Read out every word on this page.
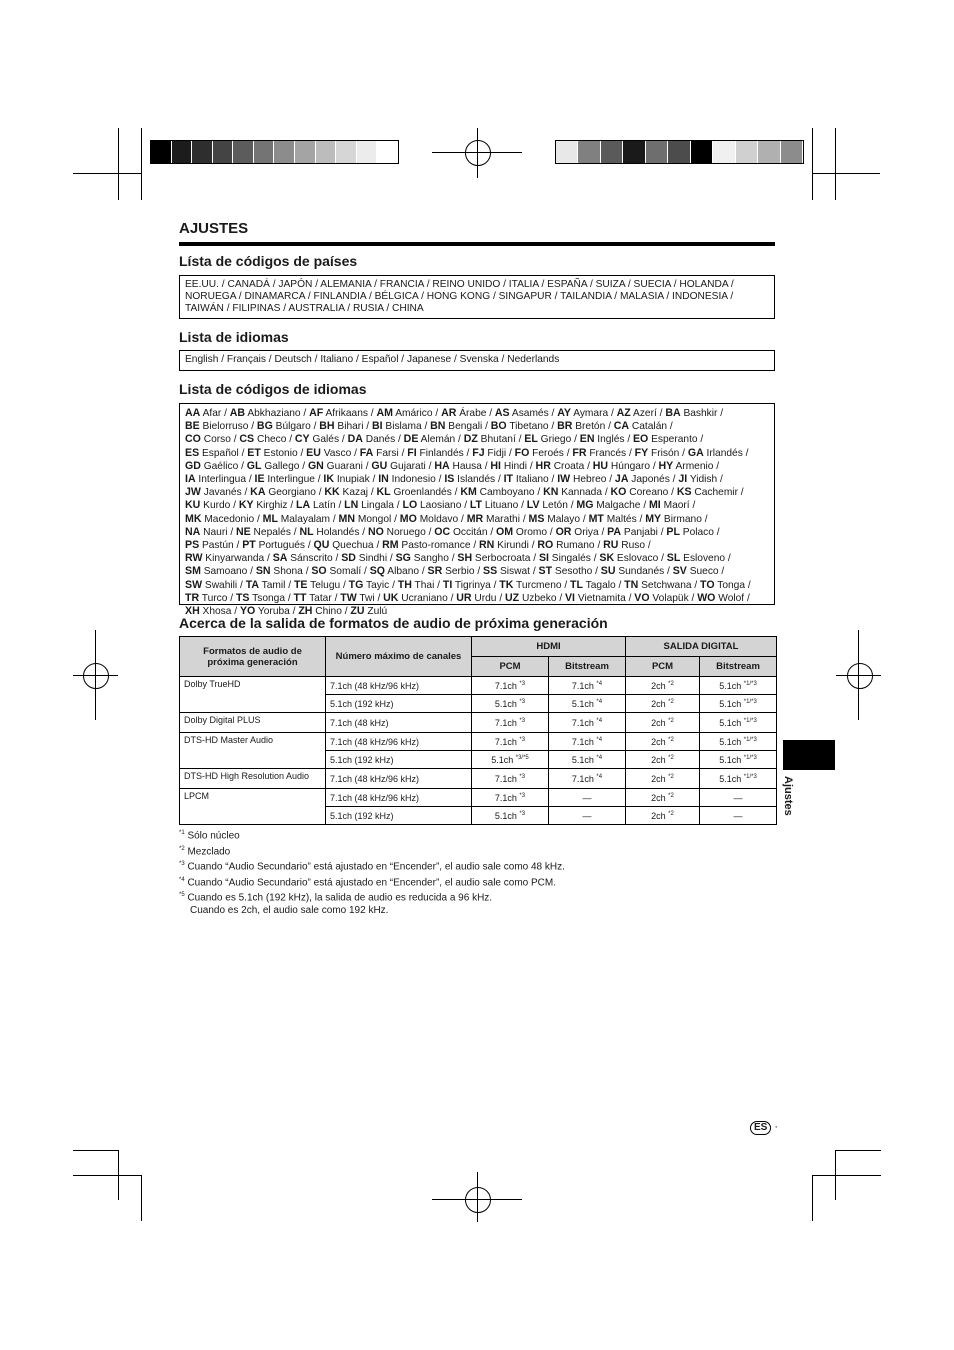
AJUSTES
Lísta de códigos de países
EE.UU. / CANADÁ / JAPÓN / ALEMANIA / FRANCIA / REINO UNIDO / ITALIA / ESPAÑA / SUIZA / SUECIA / HOLANDA /
NORUEGA / DINAMARCA / FINLANDIA / BÉLGICA / HONG KONG / SINGAPUR / TAILANDIA / MALASIA / INDONESIA /
TAIWÁN / FILIPINAS / AUSTRALIA / RUSIA / CHINA
Lista de idiomas
English / Français / Deutsch / Italiano / Español / Japanese / Svenska / Nederlands
Lista de códigos de idiomas
AA Afar / AB Abkhaziano / AF Afrikaans / AM Amárico / AR Árabe / AS Asamés / AY Aymara / AZ Azerí / BA Bashkir /
BE Bielorruso / BG Búlgaro / BH Bihari / BI Bislama / BN Bengali / BO Tibetano / BR Bretón / CA Catalán /
CO Corso / CS Checo / CY Galés / DA Danés / DE Alemán / DZ Bhutaní / EL Griego / EN Inglés / EO Esperanto /
ES Español / ET Estonio / EU Vasco / FA Farsi / FI Finlandés / FJ Fidji / FO Feroés / FR Francés / FY Frisón / GA Irlandés /
GD Gaélico / GL Gallego / GN Guarani / GU Gujarati / HA Hausa / HI Hindi / HR Croata / HU Húngaro / HY Armenio /
IA Interlingua / IE Interlingue / IK Inupiak / IN Indonesio / IS Islandés / IT Italiano / IW Hebreo / JA Japonés / JI Yidish /
JW Javanés / KA Georgiano / KK Kazaj / KL Groenlandés / KM Camboyano / KN Kannada / KO Coreano / KS Cachemir /
KU Kurdo / KY Kirghiz / LA Latín / LN Lingala / LO Laosiano / LT Lituano / LV Letón / MG Malgache / MI Maorí /
MK Macedonio / ML Malayalam / MN Mongol / MO Moldavo / MR Marathi / MS Malayo / MT Maltés / MY Birmano /
NA Nauri / NE Nepalés / NL Holandés / NO Noruego / OC Occitán / OM Oromo / OR Oriya / PA Panjabi / PL Polaco /
PS Pastún / PT Portugués / QU Quechua / RM Pasto-romance / RN Kirundi / RO Rumano / RU Ruso /
RW Kinyarwanda / SA Sánscrito / SD Sindhi / SG Sangho / SH Serbocroata / SI Singalés / SK Eslovaco / SL Esloveno /
SM Samoano / SN Shona / SO Somalí / SQ Albano / SR Serbio / SS Siswat / ST Sesotho / SU Sundanés / SV Sueco /
SW Swahili / TA Tamil / TE Telugu / TG Tayic / TH Thai / TI Tigrinya / TK Turcmeno / TL Tagalo / TN Setchwana / TO Tonga /
TR Turco / TS Tsonga / TT Tatar / TW Twi / UK Ucraniano / UR Urdu / UZ Uzbeko / VI Vietnamita / VO Volapük / WO Wolof /
XH Xhosa / YO Yoruba / ZH Chino / ZU Zulú
Acerca de la salida de formatos de audio de próxima generación
Formatos de audio de próxima generación	Número máximo de canales	HDMI		SALIDA DIGITAL	
		PCM	Bitstream	PCM	Bitstream
Dolby TrueHD	7.1ch (48 kHz/96 kHz)	7.1ch $^{*3}$	7.1ch $^{*4}$	2ch $^{*2}$	5.1ch $^{*1/*3}$
	5.1ch (192 kHz)	5.1ch $^{*3}$	5.1ch $^{*4}$	2ch $^{*2}$	5.1ch $^{*1/*3}$
Dolby Digital PLUS	7.1ch (48 kHz)	7.1ch $^{*3}$	7.1ch $^{*4}$	2ch $^{*2}$	5.1ch $^{*1/*3}$
DTS-HD Master Audio	7.1ch (48 kHz/96 kHz)	7.1ch $^{*3}$	7.1ch $^{*4}$	2ch $^{*2}$	5.1ch $^{*1/*3}$
	5.1ch (192 kHz)	5.1ch $^{*3/*5}$	5.1ch $^{*4}$	2ch $^{*2}$	5.1ch $^{*1/*3}$
DTS-HD High Resolution Audio	7.1ch (48 kHz/96 kHz)	7.1ch $^{*3}$	7.1ch $^{*4}$	2ch $^{*2}$	5.1ch $^{*1/*3}$
LPCM	7.1ch (48 kHz/96 kHz)	7.1ch $^{*3}$	—	2ch $^{*2}$	—
	5.1ch (192 kHz)	5.1ch $^{*3}$	—	2ch $^{*2}$	—
$^{*1}$ Sólo núcleo
$^{*2}$ Mezclado
$^{*3}$ Cuando “Audio Secundario” está ajustado en “Encender”, el audio sale como 48 kHz.
$^{*4}$ Cuando “Audio Secundario” está ajustado en “Encender”, el audio sale como PCM.
$^{*5}$ Cuando es 5.1ch (192 kHz), la salida de audio es reducida a 96 kHz.
Cuando es 2ch, el audio sale como 192 kHz.
Ajustes
ES ·
